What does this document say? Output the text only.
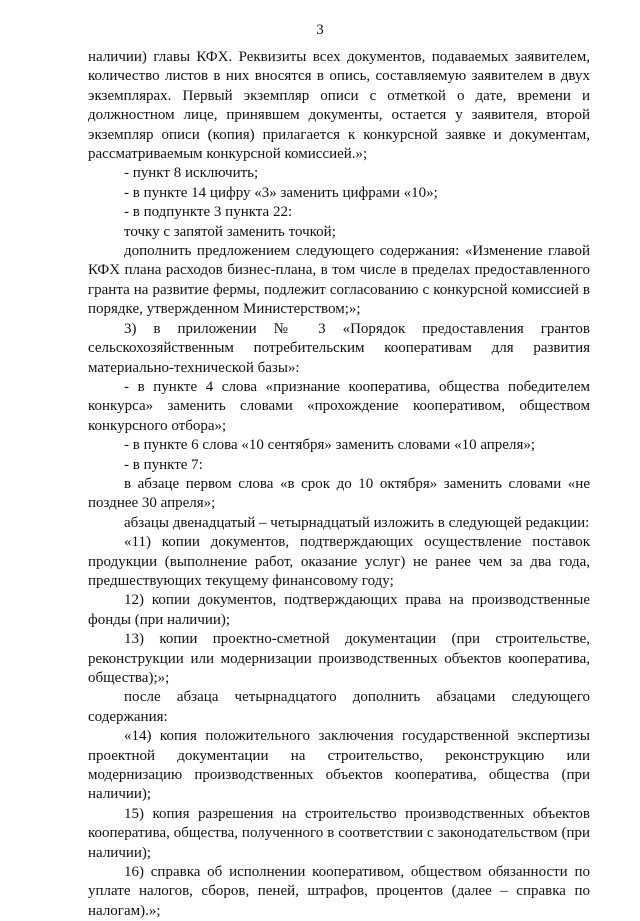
3

наличии) главы КФХ. Реквизиты всех документов, подаваемых заявителем, количество листов в них вносятся в опись, составляемую заявителем в двух экземплярах. Первый экземпляр описи с отметкой о дате, времени и должностном лице, принявшем документы, остается у заявителя, второй экземпляр описи (копия) прилагается к конкурсной заявке и документам, рассматриваемым конкурсной комиссией.»;

- пункт 8 исключить;

- в пункте 14 цифру «3» заменить цифрами «10»;

- в подпункте 3 пункта 22:

точку с запятой заменить точкой;

дополнить предложением следующего содержания: «Изменение главой КФХ плана расходов бизнес-плана, в том числе в пределах предоставленного гранта на развитие фермы, подлежит согласованию с конкурсной комиссией в порядке, утвержденном Министерством;»;

3) в приложении № 3 «Порядок предоставления грантов сельскохозяйственным потребительским кооперативам для развития материально-технической базы»:

- в пункте 4 слова «признание кооператива, общества победителем конкурса» заменить словами «прохождение кооперативом, обществом конкурсного отбора»;

- в пункте 6 слова «10 сентября» заменить словами «10 апреля»;

- в пункте 7:

в абзаце первом слова «в срок до 10 октября» заменить словами «не позднее 30 апреля»;

абзацы двенадцатый – четырнадцатый изложить в следующей редакции:

«11) копии документов, подтверждающих осуществление поставок продукции (выполнение работ, оказание услуг) не ранее чем за два года, предшествующих текущему финансовому году;

12) копии документов, подтверждающих права на производственные фонды (при наличии);

13) копии проектно-сметной документации (при строительстве, реконструкции или модернизации производственных объектов кооператива, общества);»;

после абзаца четырнадцатого дополнить абзацами следующего содержания:

«14) копия положительного заключения государственной экспертизы проектной документации на строительство, реконструкцию или модернизацию производственных объектов кооператива, общества (при наличии);

15) копия разрешения на строительство производственных объектов кооператива, общества, полученного в соответствии с законодательством (при наличии);

16) справка об исполнении кооперативом, обществом обязанности по уплате налогов, сборов, пеней, штрафов, процентов (далее – справка по налогам).»;
